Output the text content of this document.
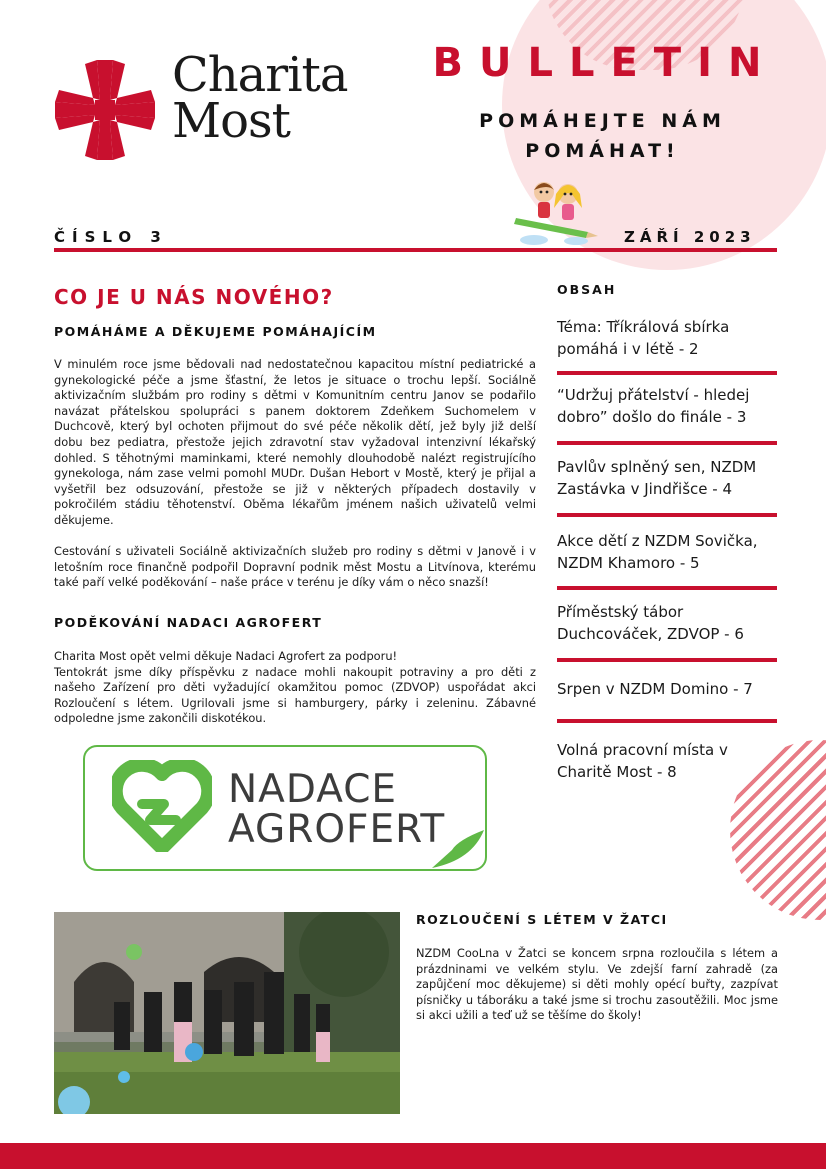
Charita
Most
BULLETIN
POMÁHEJTE NÁM
POMÁHAT!
ČÍSLO 3	ZÁŘÍ 2023
CO JE U NÁS NOVÉHO?
POMÁHÁME A DĚKUJEME POMÁHAJÍCÍM

V minulém roce jsme bědovali nad nedostatečnou kapacitou místní pediatrické a gynekologické péče a jsme šťastní, že letos je situace o trochu lepší. Sociálně aktivizačním službám pro rodiny s dětmi v Komunitním centru Janov se podařilo navázat přátelskou spolupráci s panem doktorem Zdeňkem Suchomelem v Duchcově, který byl ochoten přijmout do své péče několik dětí, jež byly již delší dobu bez pediatra, přestože jejich zdravotní stav vyžadoval intenzivní lékařský dohled. S těhotnými maminkami, které nemohly dlouhodobě nalézt registrujícího gynekologa, nám zase velmi pomohl MUDr. Dušan Hebort v Mostě, který je přijal a vyšetřil bez odsuzování, přestože se již v některých případech dostavily v pokročilém stádiu těhotenství. Oběma lékařům jménem našich uživatelů velmi děkujeme.

Cestování s uživateli Sociálně aktivizačních služeb pro rodiny s dětmi v Janově i v letošním roce finančně podpořil Dopravní podnik měst Mostu a Litvínova, kterému také paří velké poděkování – naše práce v terénu je díky vám o něco snazší!

PODĚKOVÁNÍ NADACI AGROFERT

Charita Most opět velmi děkuje Nadaci Agrofert za podporu!

Tentokrát jsme díky příspěvku z nadace mohli nakoupit potraviny a pro děti z našeho Zařízení pro děti vyžadující okamžitou pomoc (ZDVOP) uspořádat akci Rozloučení s létem. Ugrilovali jsme si hamburgery, párky i zeleninu. Zábavné odpoledne jsme zakončili diskotékou.

NADACE
AGROFERT
OBSAH
Téma: Tříkrálová sbírka
pomáhá i v létě - 2
“Udržuj přátelství - hledej
dobro” došlo do finále - 3
Pavlův splněný sen, NZDM
Zastávka v Jindřišce - 4
Akce dětí z NZDM Sovička,
NZDM Khamoro - 5
Příměstský tábor
Duchcováček, ZDVOP - 6
Srpen v NZDM Domino - 7
Volná pracovní místa v
Charitě Most - 8
ROZLOUČENÍ S LÉTEM V ŽATCI

NZDM CooLna v Žatci se koncem srpna rozloučila s létem a prázdninami ve velkém stylu. Ve zdejší farní zahradě (za zapůjčení moc děkujeme) si děti mohly opécí buřty, zazpívat písničky u táboráku a také jsme si trochu zasoutěžili. Moc jsme si akci užili a teď už se těšíme do školy!
